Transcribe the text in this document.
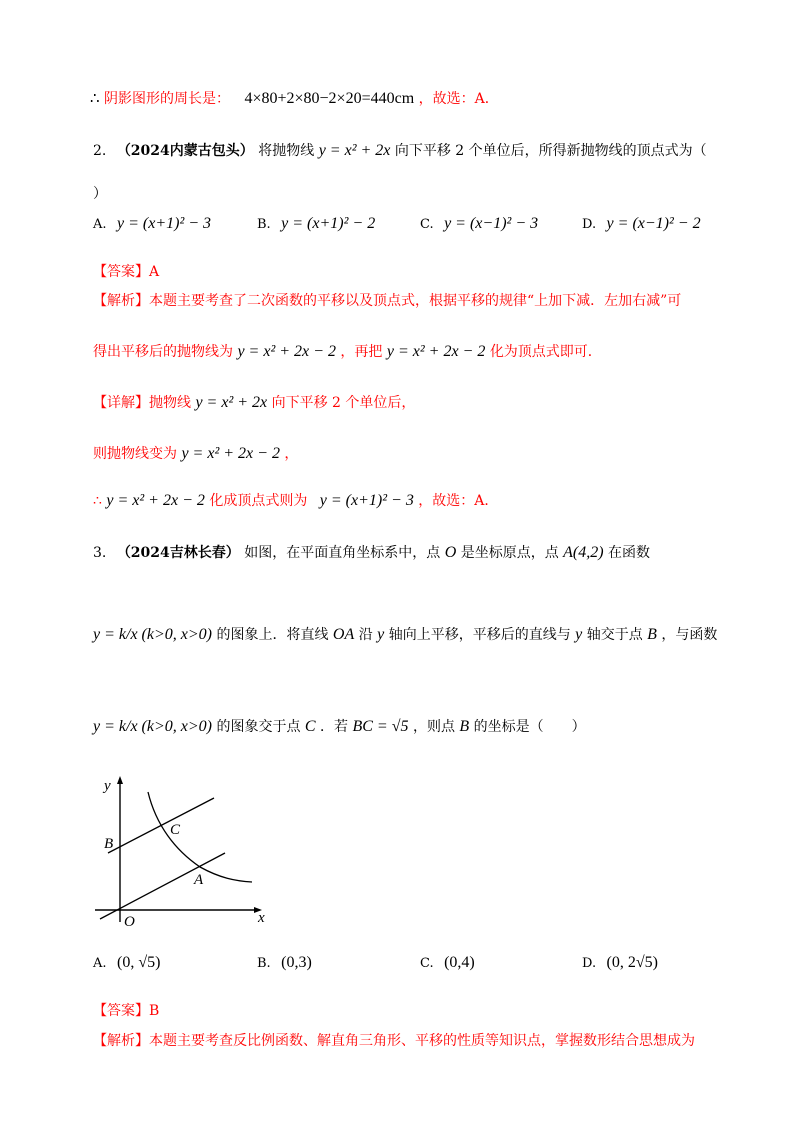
∴ 阴影图形的周长是： 4×80+2×80−2×20=440cm ，故选：A．
2. （2024内蒙古包头） 将抛物线 y = x² + 2x 向下平移 2 个单位后，所得新抛物线的顶点式为（
）
A. y = (x+1)² − 3	B. y = (x+1)² − 2	C. y = (x−1)² − 3	D. y = (x−1)² − 2
【答案】A
【解析】本题主要考查了二次函数的平移以及顶点式，根据平移的规律“上加下减．左加右减”可
得出平移后的抛物线为 y = x² + 2x − 2 ，再把 y = x² + 2x − 2 化为顶点式即可．
【详解】抛物线 y = x² + 2x 向下平移 2 个单位后，
则抛物线变为 y = x² + 2x − 2 ，
∴ y = x² + 2x − 2 化成顶点式则为 y = (x+1)² − 3 ，故选：A．
3. （2024吉林长春） 如图，在平面直角坐标系中，点 O 是坐标原点，点 A(4,2) 在函数
y = k/x (k>0, x>0) 的图象上．将直线 OA 沿 y 轴向上平移，平移后的直线与 y 轴交于点 B ，与函数
y = k/x (k>0, x>0) 的图象交于点 C ．若 BC = √5 ，则点 B 的坐标是（　　）
y
x
O
B
C
A
A. (0, √5)	B. (0,3)	C. (0,4)	D. (0, 2√5)
【答案】B
【解析】本题主要考查反比例函数、解直角三角形、平移的性质等知识点，掌握数形结合思想成为
